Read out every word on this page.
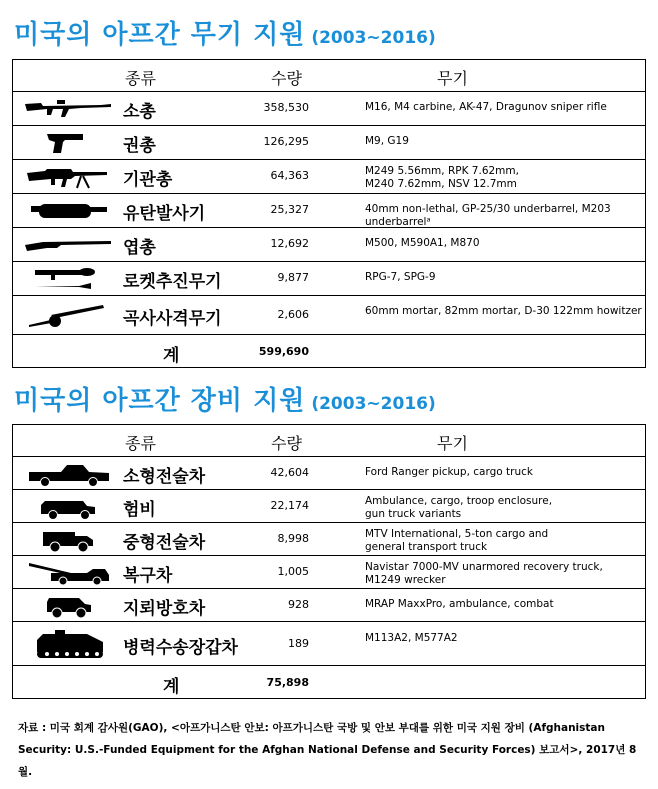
미국의 아프간 무기 지원 (2003~2016)
종류	수량	무기
소총	358,530	M16, M4 carbine, AK-47, Dragunov sniper rifle
권총	126,295	M9, G19
기관총	64,363	M249 5.56mm, RPK 7.62mm,
M240 7.62mm, NSV 12.7mm
유탄발사기	25,327	40mm non-lethal, GP-25/30 underbarrel, M203 underbarrelᵃ
엽총	12,692	M500, M590A1, M870
로켓추진무기	9,877	RPG-7, SPG-9
곡사사격무기	2,606	60mm mortar, 82mm mortar, D-30 122mm howitzer
계	599,690
미국의 아프간 장비 지원 (2003~2016)
종류	수량	무기
소형전술차	42,604	Ford Ranger pickup, cargo truck
험비	22,174	Ambulance, cargo, troop enclosure,
gun truck variants
중형전술차	8,998	MTV International, 5-ton cargo and
general transport truck
복구차	1,005	Navistar 7000-MV unarmored recovery truck,
M1249 wrecker
지뢰방호차	928	MRAP MaxxPro, ambulance, combat
병력수송장갑차	189	M113A2, M577A2
계	75,898
자료 : 미국 회계 감사원(GAO), <아프가니스탄 안보: 아프가니스탄 국방 및 안보 부대를 위한 미국 지원 장비 (Afghanistan Security: U.S.-Funded Equipment for the Afghan National Defense and Security Forces) 보고서>, 2017년 8월.
